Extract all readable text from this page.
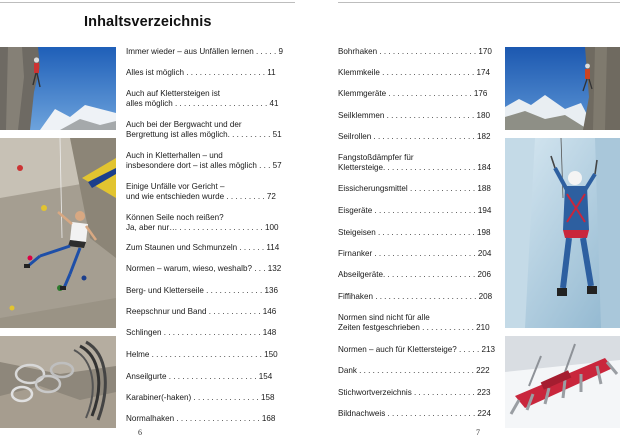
Inhaltsverzeichnis
Immer wieder – aus Unfällen lernen . . . . . 9
Alles ist möglich . . . . . . . . . . . . . . . . . . 11
Auch auf Klettersteigen ist
alles möglich . . . . . . . . . . . . . . . . . . . . . 41
Auch bei der Bergwacht und der
Bergrettung ist alles möglich. . . . . . . . . . 51
Auch in Kletterhallen – und
insbesondere dort – ist alles möglich . . . 57
Einige Unfälle vor Gericht –
und wie entschieden wurde . . . . . . . . . 72
Können Seile noch reißen?
Ja, aber nur… . . . . . . . . . . . . . . . . . . . 100
Zum Staunen und Schmunzeln . . . . . . 114
Normen – warum, wieso, weshalb? . . . 132
Berg- und Kletterseile . . . . . . . . . . . . . 136
Reepschnur und Band . . . . . . . . . . . . 146
Schlingen . . . . . . . . . . . . . . . . . . . . . . 148
Helme . . . . . . . . . . . . . . . . . . . . . . . . . 150
Anseilgurte . . . . . . . . . . . . . . . . . . . . 154
Karabiner(-haken) . . . . . . . . . . . . . . . 158
Normalhaken . . . . . . . . . . . . . . . . . . . 168
6
Bohrhaken . . . . . . . . . . . . . . . . . . . . . . 170
Klemmkeile . . . . . . . . . . . . . . . . . . . . . 174
Klemmgeräte . . . . . . . . . . . . . . . . . . . 176
Seilklemmen . . . . . . . . . . . . . . . . . . . . 180
Seilrollen . . . . . . . . . . . . . . . . . . . . . . . 182
Fangstoßdämpfer für
Klettersteige. . . . . . . . . . . . . . . . . . . . . 184
Eissicherungsmittel . . . . . . . . . . . . . . . 188
Eisgeräte . . . . . . . . . . . . . . . . . . . . . . . 194
Steigeisen . . . . . . . . . . . . . . . . . . . . . . 198
Firnanker . . . . . . . . . . . . . . . . . . . . . . . 204
Abseilgeräte. . . . . . . . . . . . . . . . . . . . . 206
Fiffihaken . . . . . . . . . . . . . . . . . . . . . . . 208
Normen sind nicht für alle
Zeiten festgeschrieben . . . . . . . . . . . . 210
Normen – auch für Klettersteige? . . . . . 213
Dank . . . . . . . . . . . . . . . . . . . . . . . . . . 222
Stichwortverzeichnis . . . . . . . . . . . . . . 223
Bildnachweis . . . . . . . . . . . . . . . . . . . . 224
7
